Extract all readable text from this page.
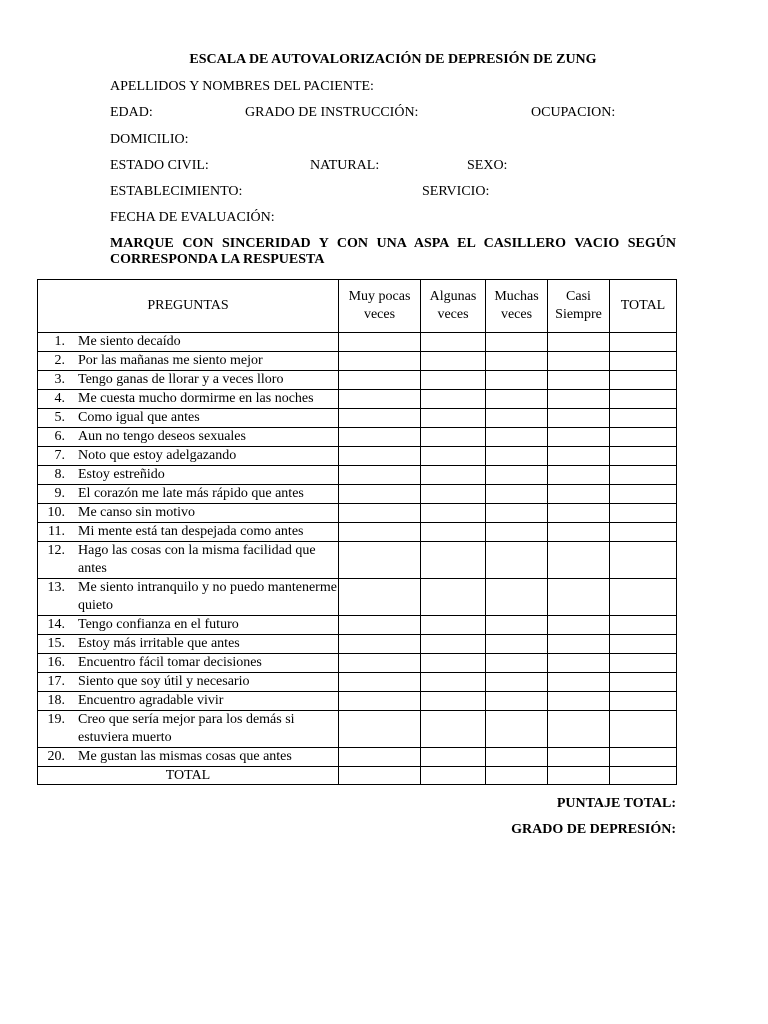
ESCALA DE AUTOVALORIZACIÓN DE DEPRESIÓN DE ZUNG
APELLIDOS Y NOMBRES DEL PACIENTE:
EDAD:	GRADO DE INSTRUCCIÓN:	OCUPACION:
DOMICILIO:
ESTADO CIVIL:	NATURAL:	SEXO:
ESTABLECIMIENTO:	SERVICIO:
FECHA DE EVALUACIÓN:
MARQUE CON SINCERIDAD Y CON UNA ASPA EL CASILLERO VACIO SEGÚN CORRESPONDA LA RESPUESTA
PREGUNTAS	Muy pocas veces	Algunas veces	Muchas veces	Casi Siempre	TOTAL

1. Me siento decaído					

2. Por las mañanas me siento mejor					

3. Tengo ganas de llorar y a veces lloro					

4. Me cuesta mucho dormirme en las noches					

5. Como igual que antes					

6. Aun no tengo deseos sexuales					

7. Noto que estoy adelgazando					

8. Estoy estreñido					

9. El corazón me late más rápido que antes					

10. Me canso sin motivo					

11. Mi mente está tan despejada como antes					

12. Hago las cosas con la misma facilidad que antes					

13. Me siento intranquilo y no puedo mantenerme quieto					

14. Tengo confianza en el futuro					

15. Estoy más irritable que antes					

16. Encuentro fácil tomar decisiones					

17. Siento que soy útil y necesario					

18. Encuentro agradable vivir					

19. Creo que sería mejor para los demás si estuviera muerto					

20. Me gustan las mismas cosas que antes					

TOTAL					
PUNTAJE TOTAL:
GRADO DE DEPRESIÓN:
